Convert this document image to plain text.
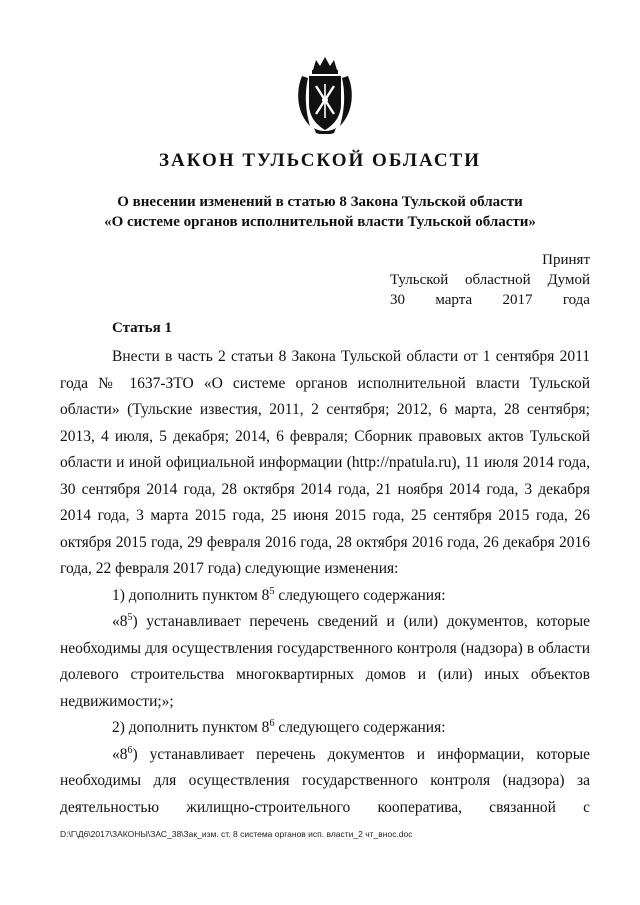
ЗАКОН ТУЛЬСКОЙ ОБЛАСТИ
О внесении изменений в статью 8 Закона Тульской области
«О системе органов исполнительной власти Тульской области»
Принят
Тульской областной Думой
30 марта 2017 года
Статья 1
Внести в часть 2 статьи 8 Закона Тульской области от 1 сентября 2011
года № 1637-ЗТО «О системе органов исполнительной власти Тульской
области» (Тульские известия, 2011, 2 сентября; 2012, 6 марта, 28 сентября;
2013, 4 июля, 5 декабря; 2014, 6 февраля; Сборник правовых актов Тульской
области и иной официальной информации (http://npatula.ru), 11 июля 2014 года,
30 сентября 2014 года, 28 октября 2014 года, 21 ноября 2014 года, 3 декабря
2014 года, 3 марта 2015 года, 25 июня 2015 года, 25 сентября 2015 года, 26
октября 2015 года, 29 февраля 2016 года, 28 октября 2016 года, 26 декабря 2016
года, 22 февраля 2017 года) следующие изменения:
1) дополнить пунктом $8^5$ следующего содержания:
«$8^5$) устанавливает перечень сведений и (или) документов, которые
необходимы для осуществления государственного контроля (надзора) в области
долевого строительства многоквартирных домов и (или) иных объектов
недвижимости;»;
2) дополнить пунктом $8^6$ следующего содержания:
«$8^6$) устанавливает перечень документов и информации, которые
необходимы для осуществления государственного контроля (надзора) за
деятельностью жилищно-строительного кооператива, связанной с
D:\Г\Д6\2017\ЗАКОНЫ\ЗАС_38\Зак_изм. ст. 8 система органов исп. власти_2 чт_внос.doc
